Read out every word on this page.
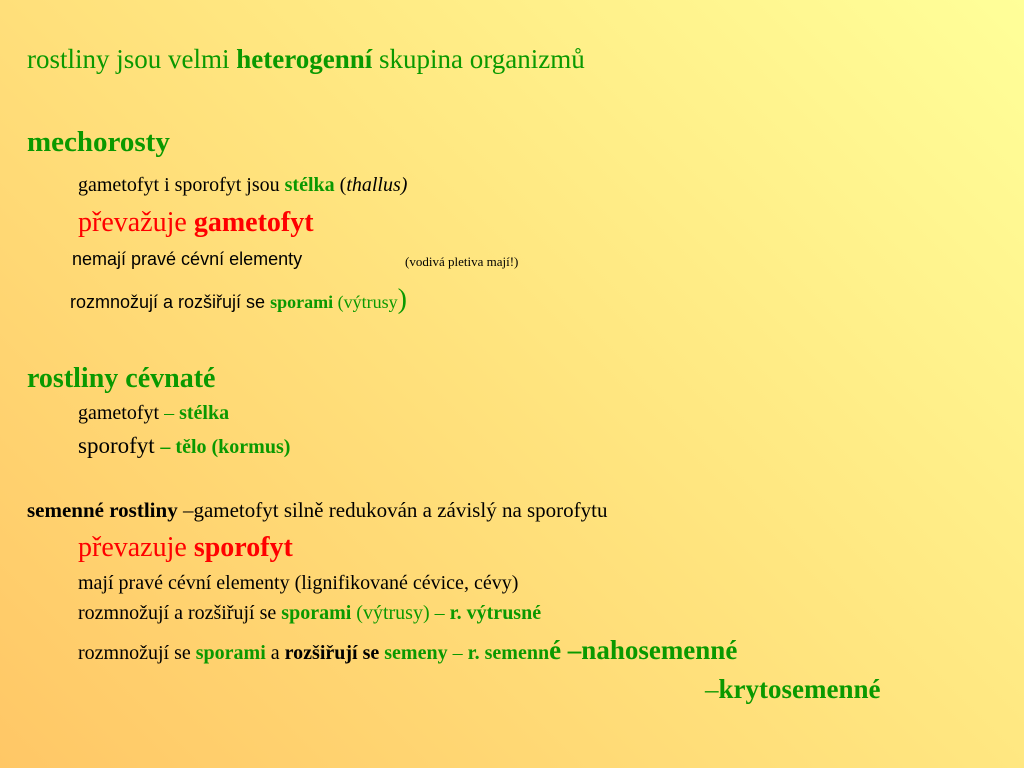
rostliny jsou velmi heterogenní skupina organizmů
mechorosty
gametofyt i sporofyt jsou stélka (thallus)
převažuje gametofyt
nemají pravé cévní elementy	(vodivá pletiva mají!)
rozmnožují a rozšiřují se sporami (výtrusy)
rostliny cévnaté
gametofyt – stélka
sporofyt – tělo (kormus)
semenné rostliny –gametofyt silně redukován a závislý na sporofytu
převazuje sporofyt
mají pravé cévní elementy (lignifikované cévice, cévy)
rozmnožují a rozšiřují se sporami (výtrusy) – r. výtrusné
rozmnožují se sporami a rozšiřují se semeny – r. semenné –nahosemenné
–krytosemenné
